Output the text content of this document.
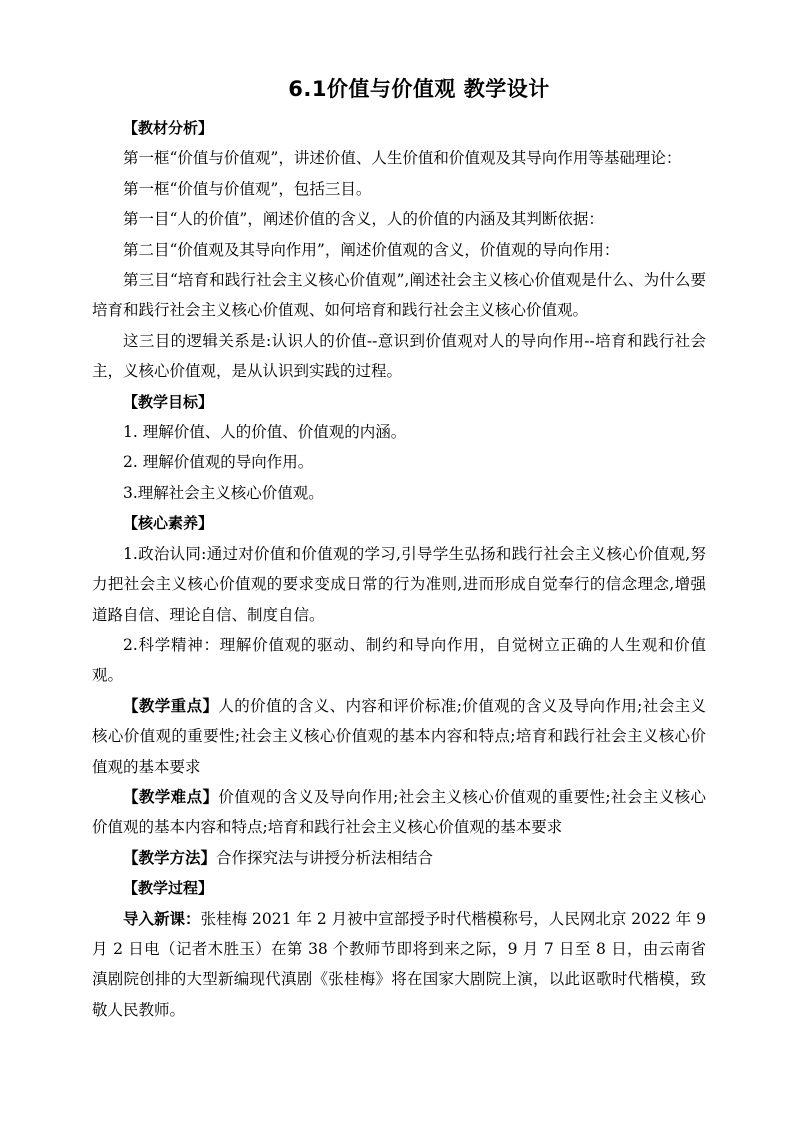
6.1价值与价值观 教学设计

【教材分析】

第一框“价值与价值观”，讲述价值、人生价值和价值观及其导向作用等基础理论：

第一框“价值与价值观”，包括三目。

第一目“人的价值”，阐述价值的含义，人的价值的内涵及其判断依据：

第二目“价值观及其导向作用”，阐述价值观的含义，价值观的导向作用：

第三目“培育和践行社会主义核心价值观”,阐述社会主义核心价值观是什么、为什么要培育和践行社会主义核心价值观、如何培育和践行社会主义核心价值观。

这三目的逻辑关系是:认识人的价值--意识到价值观对人的导向作用--培育和践行社会主，义核心价值观，是从认识到实践的过程。

【教学目标】

1. 理解价值、人的价值、价值观的内涵。

2. 理解价值观的导向作用。

3.理解社会主义核心价值观。

【核心素养】

1.政治认同:通过对价值和价值观的学习,引导学生弘扬和践行社会主义核心价值观,努力把社会主义核心价值观的要求变成日常的行为准则,进而形成自觉奉行的信念理念,增强道路自信、理论自信、制度自信。

2.科学精神：理解价值观的驱动、制约和导向作用，自觉树立正确的人生观和价值观。

【教学重点】人的价值的含义、内容和评价标准;价值观的含义及导向作用;社会主义核心价值观的重要性;社会主义核心价值观的基本内容和特点;培育和践行社会主义核心价值观的基本要求

【教学难点】价值观的含义及导向作用;社会主义核心价值观的重要性;社会主义核心价值观的基本内容和特点;培育和践行社会主义核心价值观的基本要求

【教学方法】合作探究法与讲授分析法相结合

【教学过程】

导入新课：张桂梅 2021 年 2 月被中宣部授予时代楷模称号，人民网北京 2022 年 9 月 2 日电（记者木胜玉）在第 38 个教师节即将到来之际，9 月 7 日至 8 日，由云南省滇剧院创排的大型新编现代滇剧《张桂梅》将在国家大剧院上演，以此讴歌时代楷模，致敬人民教师。
